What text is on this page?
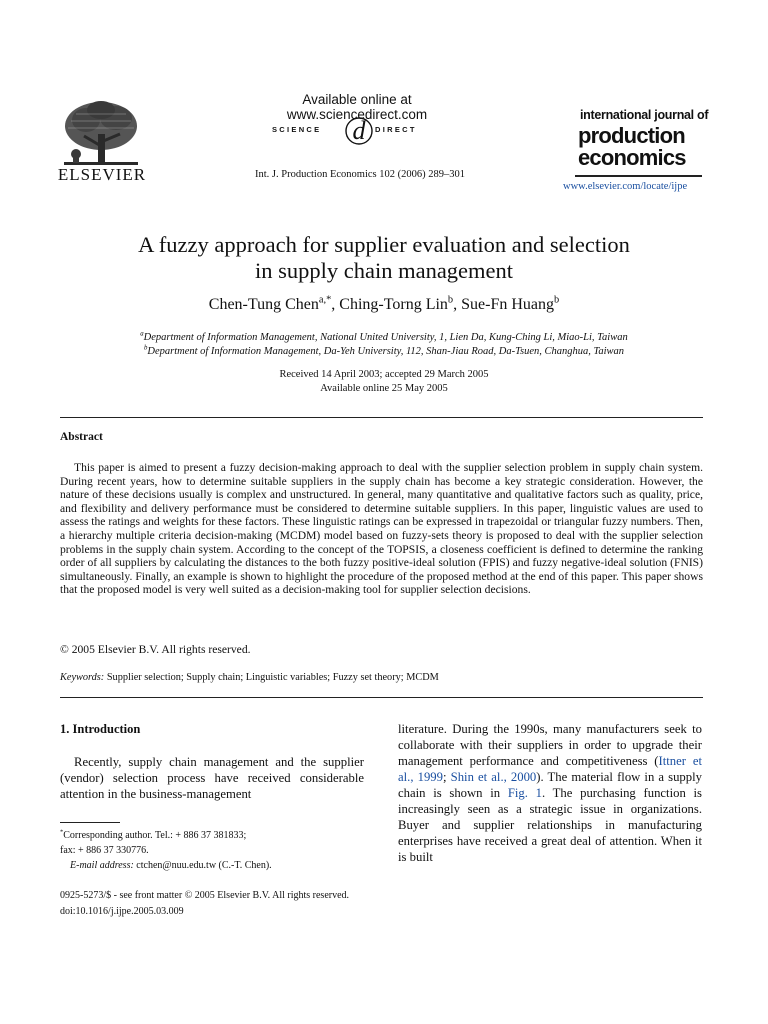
ELSEVIER
Available online at www.sciencedirect.com
SCIENCE d DIRECT
Int. J. Production Economics 102 (2006) 289–301
international journal of
production
economics
www.elsevier.com/locate/ijpe
A fuzzy approach for supplier evaluation and selection
in supply chain management
Chen-Tung Chen$^{a,*}$, Ching-Torng Lin$^b$, Sue-Fn Huang$^b$
$^a$Department of Information Management, National United University, 1, Lien Da, Kung-Ching Li, Miao-Li, Taiwan
$^b$Department of Information Management, Da-Yeh University, 112, Shan-Jiau Road, Da-Tsuen, Changhua, Taiwan
Received 14 April 2003; accepted 29 March 2005
Available online 25 May 2005
Abstract
This paper is aimed to present a fuzzy decision-making approach to deal with the supplier selection problem in supply chain system. During recent years, how to determine suitable suppliers in the supply chain has become a key strategic consideration. However, the nature of these decisions usually is complex and unstructured. In general, many quantitative and qualitative factors such as quality, price, and flexibility and delivery performance must be considered to determine suitable suppliers. In this paper, linguistic values are used to assess the ratings and weights for these factors. These linguistic ratings can be expressed in trapezoidal or triangular fuzzy numbers. Then, a hierarchy multiple criteria decision-making (MCDM) model based on fuzzy-sets theory is proposed to deal with the supplier selection problems in the supply chain system. According to the concept of the TOPSIS, a closeness coefficient is defined to determine the ranking order of all suppliers by calculating the distances to the both fuzzy positive-ideal solution (FPIS) and fuzzy negative-ideal solution (FNIS) simultaneously. Finally, an example is shown to highlight the procedure of the proposed method at the end of this paper. This paper shows that the proposed model is very well suited as a decision-making tool for supplier selection decisions.
© 2005 Elsevier B.V. All rights reserved.
Keywords: Supplier selection; Supply chain; Linguistic variables; Fuzzy set theory; MCDM
1. Introduction
Recently, supply chain management and the supplier (vendor) selection process have received considerable attention in the business-management
literature. During the 1990s, many manufacturers seek to collaborate with their suppliers in order to upgrade their management performance and competitiveness (Ittner et al., 1999; Shin et al., 2000). The material flow in a supply chain is shown in Fig. 1. The purchasing function is increasingly seen as a strategic issue in organizations. Buyer and supplier relationships in manufacturing enterprises have received a great deal of attention. When it is built
*Corresponding author. Tel.: + 886 37 381833;
fax: + 886 37 330776.
E-mail address: ctchen@nuu.edu.tw (C.-T. Chen).
0925-5273/$ - see front matter © 2005 Elsevier B.V. All rights reserved.
doi:10.1016/j.ijpe.2005.03.009
